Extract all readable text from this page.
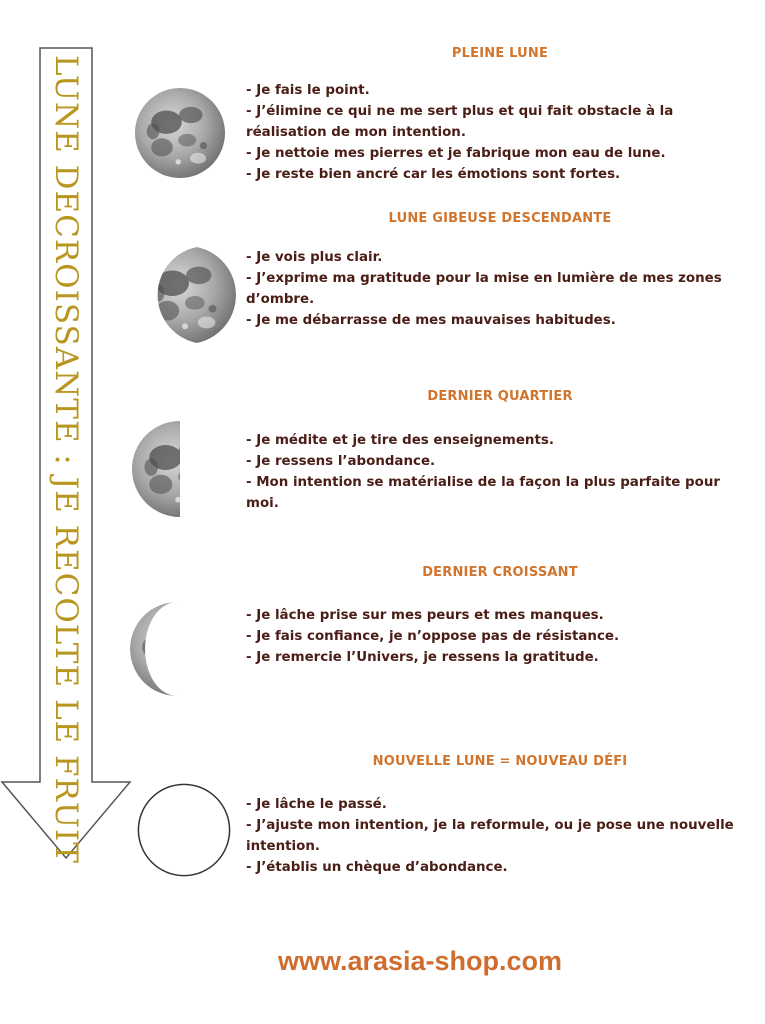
LUNE DECROISSANTE : JE RECOLTE LE FRUIT
PLEINE LUNE
- Je fais le point.
- J’élimine ce qui ne me sert plus et qui fait obstacle à la réalisation de mon intention.
- Je nettoie mes pierres et je fabrique mon eau de lune.
- Je reste bien ancré car les émotions sont fortes.
LUNE GIBEUSE DESCENDANTE
- Je vois plus clair.
- J’exprime ma gratitude pour la mise en lumière de mes zones d’ombre.
- Je me débarrasse de mes mauvaises habitudes.
DERNIER QUARTIER
- Je médite et je tire des enseignements.
- Je ressens l’abondance.
- Mon intention se matérialise de la façon la plus parfaite pour moi.
DERNIER CROISSANT
- Je lâche prise sur mes peurs et mes manques.
- Je fais confiance, je n’oppose pas de résistance.
- Je remercie l’Univers, je ressens la gratitude.
NOUVELLE LUNE = NOUVEAU DÉFI
- Je lâche le passé.
- J’ajuste mon intention, je la reformule, ou je pose une nouvelle intention.
- J’établis un chèque d’abondance.
www.arasia-shop.com
